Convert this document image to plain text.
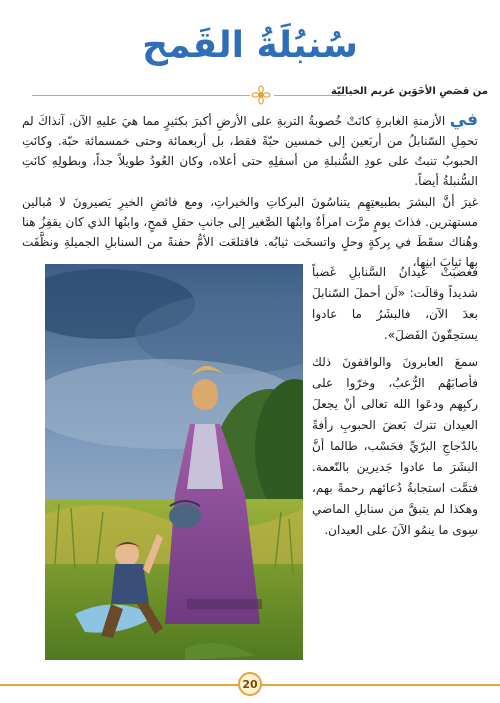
سُنبُلَةُ القَمح
من قصَصِ الأخَوَين غريم الخياليّة

في الأزمنةِ الغابرةِ كانَتْ خُصوبةُ التربةِ على الأرضِ أكبرَ بكثيرٍ مما هيَ عليهِ الآن. آنذاكَ لم تحمِلِ السّنابلُ من أربَعين إلى خمسين حبّةً فقط، بل أربعمائة وحتى خمسمائة حبّة. وكانَتِ الحبوبُ تنبتُ على عودِ السُّنبلةِ من أسفلِهِ حتى أعلاه، وكان العُودُ طويلاً جداً، وبطولِهِ كانَتِ السُّنبلةُ أيضاً.

غيرَ أنَّ البشرَ بطبيعتِهِم يتناسُونَ البركاتِ والخيراتِ، ومع فائضِ الخيرِ يَصيرونَ لا مُبالين مستهترين. فذاتَ يومٍ مرَّت امرأةٌ وابنُها الصَّغير إلى جانبِ حقلِ قمحٍ، وابنُها الذي كان يقفِزُ هنا وهُناك سقَطَ في بِركةٍ وحلٍ واتسخَت ثيابُه. فاقتلعَت الأمُّ حفنةً من السنابلِ الجميلةِ ونظَّفَت بها ثيابَ ابنِها،

فغضبَتْ عيدانُ السَّنابلِ غَضباً شديداً وقالَت: «لَن أحملَ السّنابلَ بعدَ الآن، فالبشَرُ ما عادوا يستحِقّونَ الفَضلَ».

سمعَ العابرونَ والواقفونَ ذلك فأصابَهُم الرُّعبُ، وخرّوا على ركبِهم ودعَوا الله تعالى أنْ يجعلَ العيدان تترك بَعضَ الحبوبِ رأفةً بالدّجاجِ البرّيِّ فحَسْب، طالما أنَّ البشَرَ ما عادوا جَديرين بالنّعمة. فتمَّت استجابةُ دُعائهم رحمةً بهم، وهكذا لم يتبقَّ من سنابلِ الماضي سِوى ما ينمُو الآنَ على العيدان.

20
